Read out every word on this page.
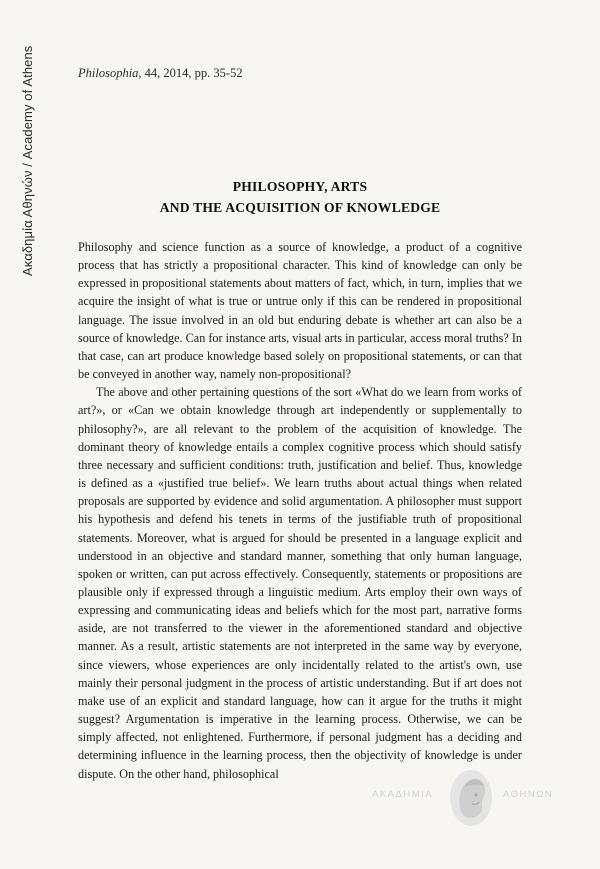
Ακαδημία Αθηνών / Academy of Athens	Philosophia, 44, 2014, pp. 35-52
PHILOSOPHY, ARTS
AND THE ACQUISITION OF KNOWLEDGE

Philosophy and science function as a source of knowledge, a product of a cognitive process that has strictly a propositional character. This kind of knowledge can only be expressed in propositional statements about matters of fact, which, in turn, implies that we acquire the insight of what is true or untrue only if this can be rendered in propositional language. The issue involved in an old but enduring debate is whether art can also be a source of knowledge. Can for instance arts, visual arts in particular, access moral truths? In that case, can art produce knowledge based solely on propositional statements, or can that be conveyed in another way, namely non-propositional?

The above and other pertaining questions of the sort «What do we learn from works of art?», or «Can we obtain knowledge through art independently or supplementally to philosophy?», are all relevant to the problem of the acquisition of knowledge. The dominant theory of knowledge entails a complex cognitive process which should satisfy three necessary and sufficient conditions: truth, justification and belief. Thus, knowledge is defined as a «justified true belief». We learn truths about actual things when related proposals are supported by evidence and solid argumentation. A philosopher must support his hypothesis and defend his tenets in terms of the justifiable truth of propositional statements. Moreover, what is argued for should be presented in a language explicit and understood in an objective and standard manner, something that only human language, spoken or written, can put across effectively. Consequently, statements or propositions are plausible only if expressed through a linguistic medium. Arts employ their own ways of expressing and communicating ideas and beliefs which for the most part, narrative forms aside, are not transferred to the viewer in the aforementioned standard and objective manner. As a result, artistic statements are not interpreted in the same way by everyone, since viewers, whose experiences are only incidentally related to the artist's own, use mainly their personal judgment in the process of artistic understanding. But if art does not make use of an explicit and standard language, how can it argue for the truths it might suggest? Argumentation is imperative in the learning process. Otherwise, we can be simply affected, not enlightened. Furthermore, if personal judgment has a deciding and determining influence in the learning process, then the objectivity of knowledge is under dispute. On the other hand, philosophical

ΑΚΑΔΗΜΙΑ	ΑΘΗΝΩΝ
